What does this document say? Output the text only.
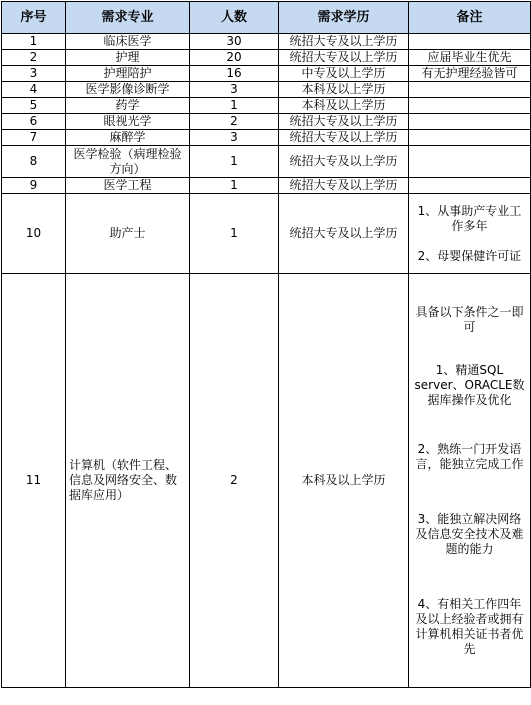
序号	需求专业	人数	需求学历	备注
1	临床医学	30	统招大专及以上学历	
2	护理	20	统招大专及以上学历	应届毕业生优先
3	护理陪护	16	中专及以上学历	有无护理经验皆可
4	医学影像诊断学	3	本科及以上学历	
5	药学	1	本科及以上学历	
6	眼视光学	2	统招大专及以上学历	
7	麻醉学	3	统招大专及以上学历	
8	医学检验（病理检验方向）	1	统招大专及以上学历	
9	医学工程	1	统招大专及以上学历	
10	助产士	1	统招大专及以上学历	1、从事助产专业工作多年
2、母婴保健许可证

11	计算机（软件工程、信息及网络安全、数据库应用）	2	本科及以上学历	具备以下条件之一即可
1、精通SQL server、ORACLE数据库操作及优化
2、熟练一门开发语言，能独立完成工作
3、能独立解决网络及信息安全技术及难题的能力
4、有相关工作四年及以上经验者或拥有计算机相关证书者优先
